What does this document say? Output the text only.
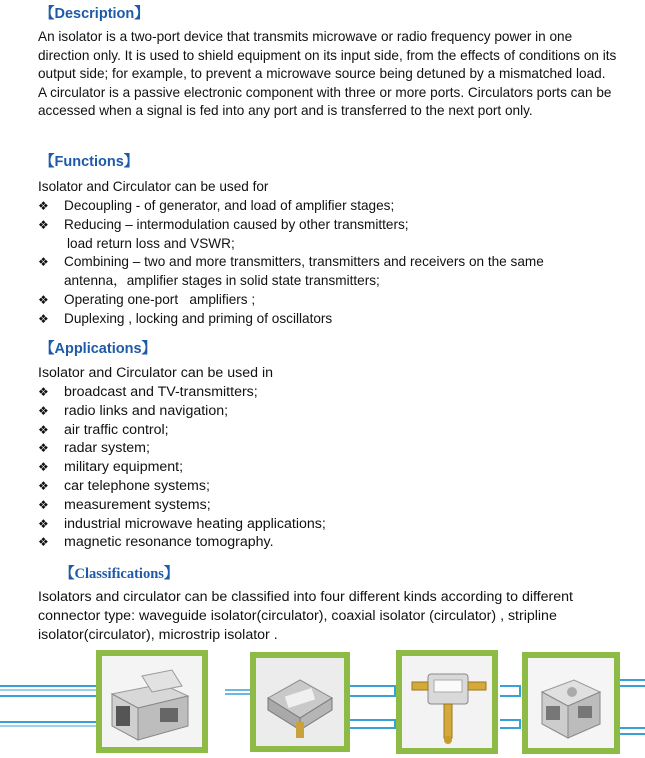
【Description】

An isolator is a two-port device that transmits microwave or radio frequency power in one direction only. It is used to shield equipment on its input side, from the effects of conditions on its output side; for example, to prevent a microwave source being detuned by a mismatched load.

A circulator is a passive electronic component with three or more ports. Circulators ports can be accessed when a signal is fed into any port and is transferred to the next port only.

【Functions】
Isolator and Circulator can be used for
❖ Decoupling - of generator, and load of amplifier stages;
❖ Reducing – intermodulation caused by other transmitters;
load return loss and VSWR;
❖ Combining – two and more transmitters, transmitters and receivers on the same antenna，amplifier stages in solid state transmitters;
❖ Operating one-port   amplifiers ;
❖ Duplexing , locking and priming of oscillators
【Applications】
Isolator and Circulator can be used in
❖ broadcast and TV-transmitters;
❖ radio links and navigation;
❖ air traffic control;
❖ radar system;
❖ military equipment;
❖ car telephone systems;
❖ measurement systems;
❖ industrial microwave heating applications;
❖ magnetic resonance tomography.
【Classifications】
Isolators and circulator can be classified into four different kinds according to different connector type: waveguide isolator(circulator), coaxial isolator (circulator) , stripline isolator(circulator), microstrip isolator .
